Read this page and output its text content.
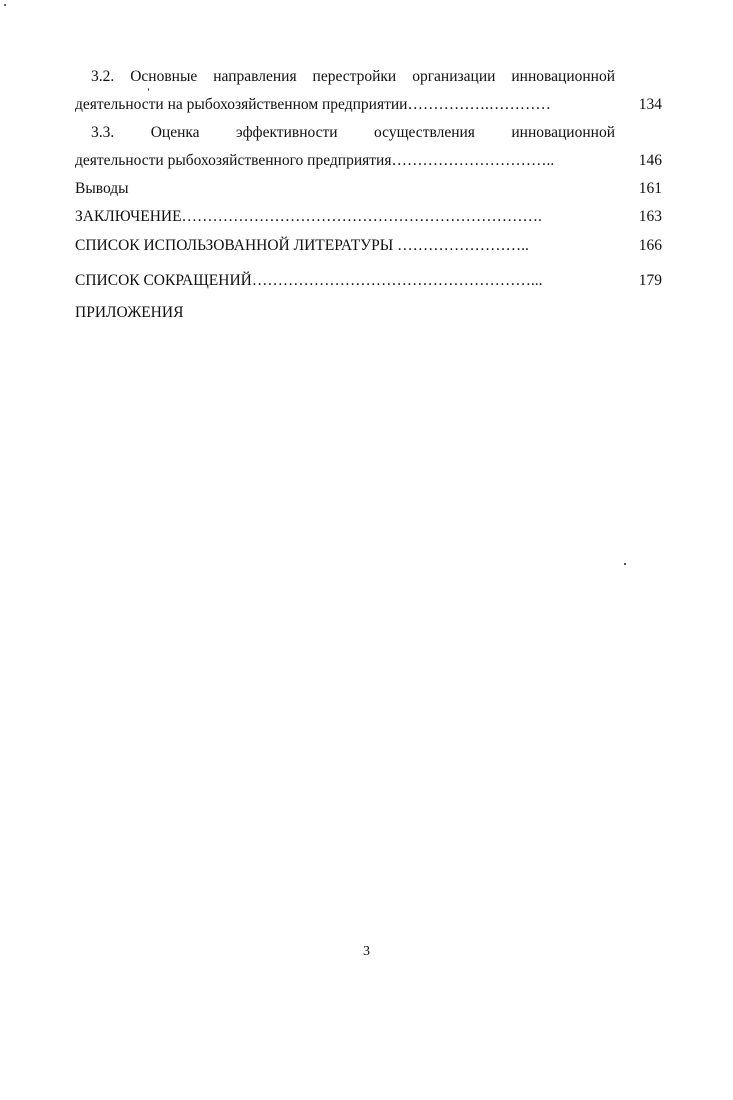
3.2. Основные направления перестройки организации инновационной
деятельности на рыбохозяйственном предприятии…………….…………	134
3.3. Оценка эффективности осуществления инновационной
деятельности рыбохозяйственного предприятия…………………………..	146
Выводы	161
ЗАКЛЮЧЕНИЕ…………………………………………………………….	163
СПИСОК ИСПОЛЬЗОВАННОЙ ЛИТЕРАТУРЫ ……………………..	166
СПИСОК СОКРАЩЕНИЙ………………………………………………...	179
ПРИЛОЖЕНИЯ
3
